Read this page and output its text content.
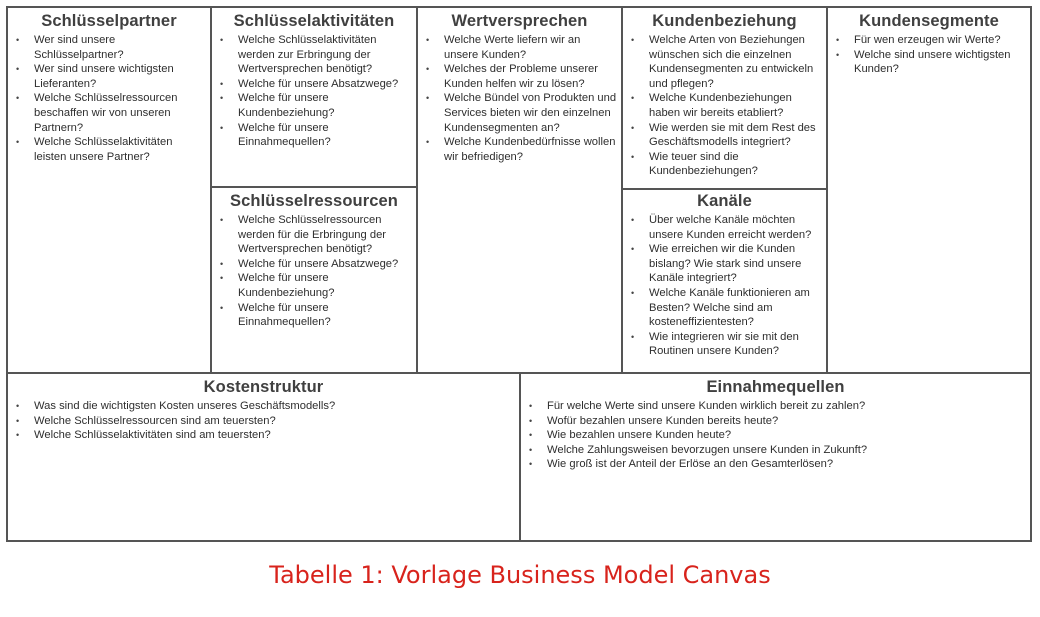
Schlüsselpartner
• Wer sind unsere Schlüsselpartner?
• Wer sind unsere wichtigsten Lieferanten?
• Welche Schlüsselressourcen beschaffen wir von unseren Partnern?
• Welche Schlüsselaktivitäten leisten unsere Partner?
Schlüsselaktivitäten
• Welche Schlüsselaktivitäten werden zur Erbringung der Wertversprechen benötigt?
• Welche für unsere Absatzwege?
• Welche für unsere Kundenbeziehung?
• Welche für unsere Einnahmequellen?
Schlüsselressourcen
• Welche Schlüsselressourcen werden für die Erbringung der Wertversprechen benötigt?
• Welche für unsere Absatzwege?
• Welche für unsere Kundenbeziehung?
• Welche für unsere Einnahmequellen?
Wertversprechen
• Welche Werte liefern wir an unsere Kunden?
• Welches der Probleme unserer Kunden helfen wir zu lösen?
• Welche Bündel von Produkten und Services bieten wir den einzelnen Kundensegmenten an?
• Welche Kundenbedürfnisse wollen wir befriedigen?
Kundenbeziehung
• Welche Arten von Beziehungen wünschen sich die einzelnen Kundensegmenten zu entwickeln und pflegen?
• Welche Kundenbeziehungen haben wir bereits etabliert?
• Wie werden sie mit dem Rest des Geschäftsmodells integriert?
• Wie teuer sind die Kundenbeziehungen?
Kanäle
• Über welche Kanäle möchten unsere Kunden erreicht werden?
• Wie erreichen wir die Kunden bislang? Wie stark sind unsere Kanäle integriert?
• Welche Kanäle funktionieren am Besten? Welche sind am kosteneffizientesten?
• Wie integrieren wir sie mit den Routinen unsere Kunden?
Kundensegmente
• Für wen erzeugen wir Werte?
• Welche sind unsere wichtigsten Kunden?
Kostenstruktur
• Was sind die wichtigsten Kosten unseres Geschäftsmodells?
• Welche Schlüsselressourcen sind am teuersten?
• Welche Schlüsselaktivitäten sind am teuersten?
Einnahmequellen
• Für welche Werte sind unsere Kunden wirklich bereit zu zahlen?
• Wofür bezahlen unsere Kunden bereits heute?
• Wie bezahlen unsere Kunden heute?
• Welche Zahlungsweisen bevorzugen unsere Kunden in Zukunft?
• Wie groß ist der Anteil der Erlöse an den Gesamterlösen?
Tabelle 1: Vorlage Business Model Canvas
